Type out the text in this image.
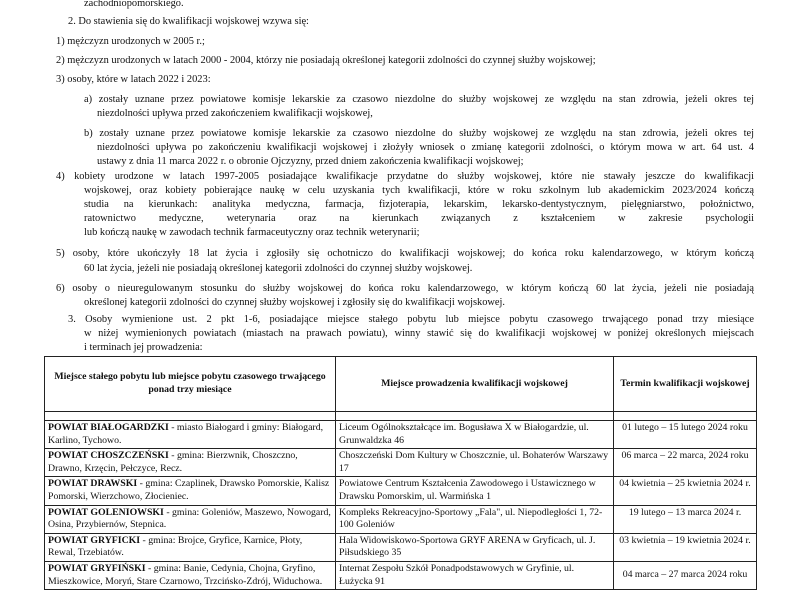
zachodniopomorskiego.
2. Do stawienia się do kwalifikacji wojskowej wzywa się:
1) mężczyzn urodzonych w 2005 r.;
2) mężczyzn urodzonych w latach 2000 - 2004, którzy nie posiadają określonej kategorii zdolności do czynnej służby wojskowej;
3) osoby, które w latach 2022 i 2023:
a) zostały uznane przez powiatowe komisje lekarskie za czasowo niezdolne do służby wojskowej ze względu na stan zdrowia, jeżeli okres tej
niezdolności upływa przed zakończeniem kwalifikacji wojskowej,
b) zostały uznane przez powiatowe komisje lekarskie za czasowo niezdolne do służby wojskowej ze względu na stan zdrowia, jeżeli okres tej
niezdolności upływa po zakończeniu kwalifikacji wojskowej i złożyły wniosek o zmianę kategorii zdolności, o którym mowa w art. 64 ust. 4
ustawy z dnia 11 marca 2022 r. o obronie Ojczyzny, przed dniem zakończenia kwalifikacji wojskowej;
4) kobiety urodzone w latach 1997-2005 posiadające kwalifikacje przydatne do służby wojskowej, które nie stawały jeszcze do kwalifikacji
wojskowej, oraz kobiety pobierające naukę w celu uzyskania tych kwalifikacji, które w roku szkolnym lub akademickim 2023/2024 kończą
studia na kierunkach: analityka medyczna, farmacja, fizjoterapia, lekarskim, lekarsko-dentystycznym, pielęgniarstwo, położnictwo,
ratownictwo medyczne, weterynaria oraz na kierunkach związanych z kształceniem w zakresie psychologii
lub kończą naukę w zawodach technik farmaceutyczny oraz technik weterynarii;
5) osoby, które ukończyły 18 lat życia i zgłosiły się ochotniczo do kwalifikacji wojskowej; do końca roku kalendarzowego, w którym kończą
60 lat życia, jeżeli nie posiadają określonej kategorii zdolności do czynnej służby wojskowej.
6) osoby o nieuregulowanym stosunku do służby wojskowej do końca roku kalendarzowego, w którym kończą 60 lat życia, jeżeli nie posiadają
określonej kategorii zdolności do czynnej służby wojskowej i zgłosiły się do kwalifikacji wojskowej.
3. Osoby wymienione ust. 2 pkt 1-6, posiadające miejsce stałego pobytu lub miejsce pobytu czasowego trwającego ponad trzy miesiące
w niżej wymienionych powiatach (miastach na prawach powiatu), winny stawić się do kwalifikacji wojskowej w poniżej określonych miejscach
i terminach jej prowadzenia:
Miejsce stałego pobytu lub miejsce pobytu czasowego trwającego ponad trzy miesiące	Miejsce prowadzenia kwalifikacji wojskowej	Termin kwalifikacji wojskowej

POWIAT BIAŁOGARDZKI - miasto Białogard i gminy: Białogard, Karlino, Tychowo.	Liceum Ogólnokształcące im. Bogusława X w Białogardzie, ul. Grunwaldzka 46	01 lutego – 15 lutego 2024 roku
POWIAT CHOSZCZEŃSKI - gmina: Bierzwnik, Choszczno, Drawno, Krzęcin, Pełczyce, Recz.	Choszczeński Dom Kultury w Choszcznie, ul. Bohaterów Warszawy 17	06 marca – 22 marca, 2024 roku
POWIAT DRAWSKI - gmina: Czaplinek, Drawsko Pomorskie, Kalisz Pomorski, Wierzchowo, Złocieniec.	Powiatowe Centrum Kształcenia Zawodowego i Ustawicznego w Drawsku Pomorskim, ul. Warmińska 1	04 kwietnia – 25 kwietnia 2024 r.
POWIAT GOLENIOWSKI - gmina: Goleniów, Maszewo, Nowogard, Osina, Przybiernów, Stepnica.	Kompleks Rekreacyjno-Sportowy „Fala", ul. Niepodległości 1, 72-100 Goleniów	19 lutego – 13 marca 2024 r.
POWIAT GRYFICKI - gmina: Brojce, Gryfice, Karnice, Płoty, Rewal, Trzebiatów.	Hala Widowiskowo-Sportowa GRYF ARENA w Gryficach, ul. J. Piłsudskiego 35	03 kwietnia – 19 kwietnia 2024 r.
POWIAT GRYFIŃSKI - gmina: Banie, Cedynia, Chojna, Gryfino, Mieszkowice, Moryń, Stare Czarnowo, Trzcińsko-Zdrój, Widuchowa.	Internat Zespołu Szkół Ponadpodstawowych w Gryfinie, ul. Łużycka 91	04 marca – 27 marca 2024 roku
